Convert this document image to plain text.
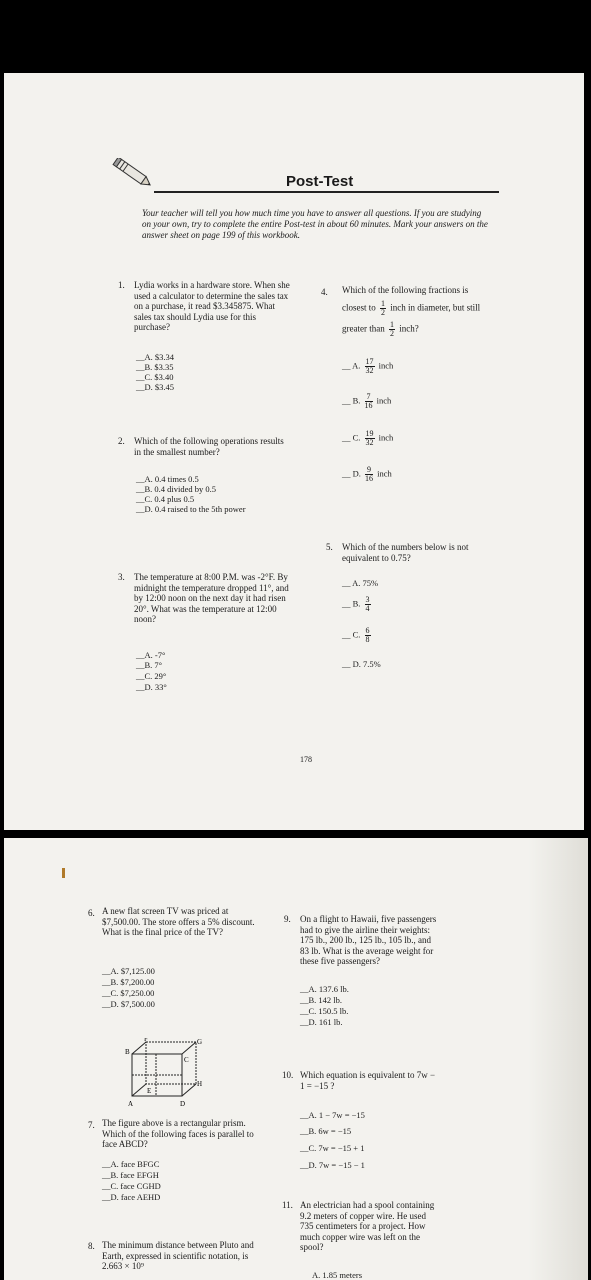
Post-Test
Your teacher will tell you how much time you have to answer all questions. If you are studying on your own, try to complete the entire Post-test in about 60 minutes. Mark your answers on the answer sheet on page 199 of this workbook.
1. Lydia works in a hardware store. When she used a calculator to determine the sales tax on a purchase, it read $3.345875. What sales tax should Lydia use for this purchase?
__A. $3.34
__B. $3.35
__C. $3.40
__D. $3.45
2. Which of the following operations results in the smallest number?
__A. 0.4 times 0.5
__B. 0.4 divided by 0.5
__C. 0.4 plus 0.5
__D. 0.4 raised to the 5th power
3. The temperature at 8:00 P.M. was -2°F. By midnight the temperature dropped 11°, and by 12:00 noon on the next day it had risen 20°. What was the temperature at 12:00 noon?
__A. -7°
__B. 7°
__C. 29°
__D. 33°
4. Which of the following fractions is
closest to $\frac{1}{2}$ inch in diameter, but still
greater than $\frac{1}{2}$ inch?
__ A. $\frac{17}{32}$ inch
__ B. $\frac{7}{16}$ inch
__ C. $\frac{19}{32}$ inch
__ D. $\frac{9}{16}$ inch
5. Which of the numbers below is not equivalent to 0.75?
__ A. 75%
__ B. $\frac{3}{4}$
__ C. $\frac{6}{8}$
__ D. 7.5%
178
6. A new flat screen TV was priced at $7,500.00. The store offers a 5% discount. What is the final price of the TV?
__A. $7,125.00
__B. $7,200.00
__C. $7,250.00
__D. $7,500.00
B
F	G
C
E
H
A	D
7. The figure above is a rectangular prism. Which of the following faces is parallel to face ABCD?
__A. face BFGC
__B. face EFGH
__C. face CGHD
__D. face AEHD
8. The minimum distance between Pluto and Earth, expressed in scientific notation, is 2.663 × 10⁹
9. On a flight to Hawaii, five passengers had to give the airline their weights: 175 lb., 200 lb., 125 lb., 105 lb., and 83 lb. What is the average weight for these five passengers?
__A. 137.6 lb.
__B. 142 lb.
__C. 150.5 lb.
__D. 161 lb.
10. Which equation is equivalent to 7w − 1 = −15 ?
__A. 1 − 7w = −15
__B. 6w = −15
__C. 7w = −15 + 1
__D. 7w = −15 − 1
11. An electrician had a spool containing 9.2 meters of copper wire. He used 735 centimeters for a project. How much copper wire was left on the spool?
A. 1.85 meters
